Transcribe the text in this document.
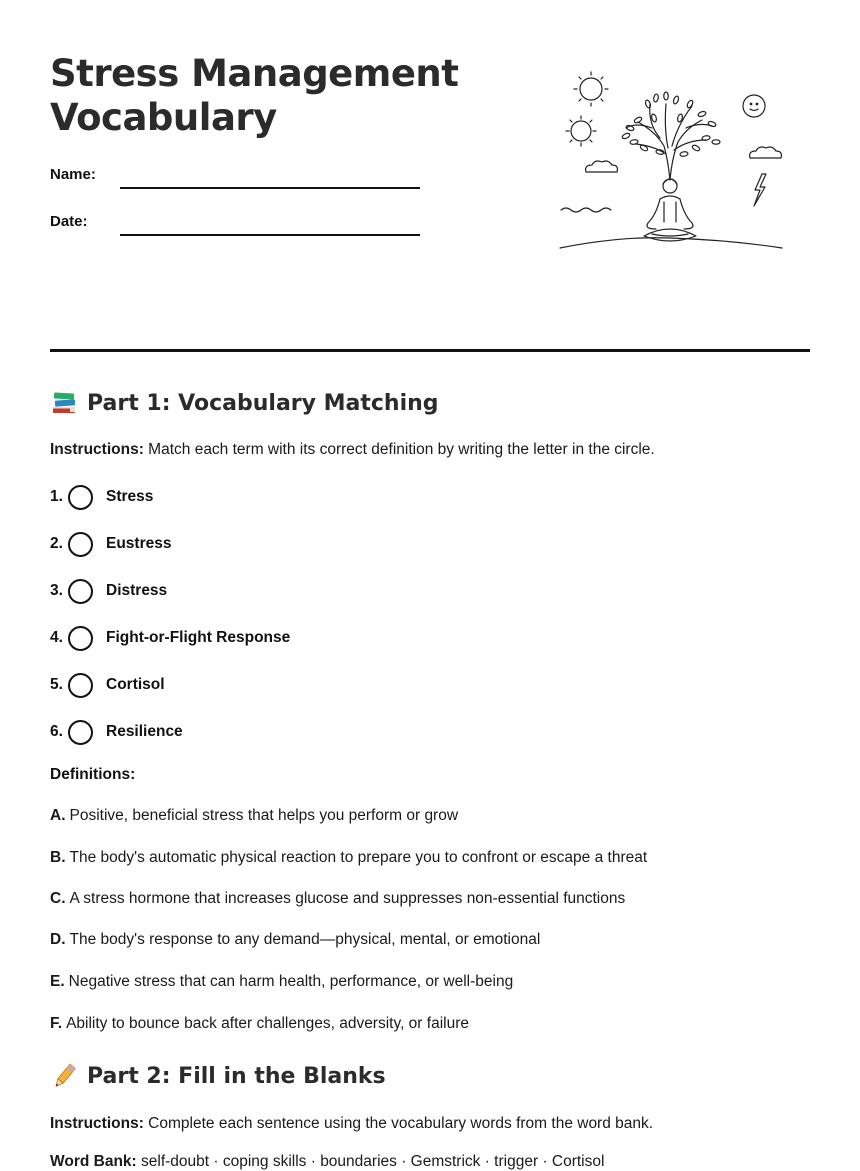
Stress Management
Vocabulary
Name:
Date:
Part 1: Vocabulary Matching
Instructions: Match each term with its correct definition by writing the letter in the circle.
1.	Stress
2.	Eustress
3.	Distress
4.	Fight-or-Flight Response
5.	Cortisol
6.	Resilience
Definitions:
A. Positive, beneficial stress that helps you perform or grow
B. The body's automatic physical reaction to prepare you to confront or escape a threat
C. A stress hormone that increases glucose and suppresses non-essential functions
D. The body's response to any demand—physical, mental, or emotional
E. Negative stress that can harm health, performance, or well-being
F. Ability to bounce back after challenges, adversity, or failure
Part 2: Fill in the Blanks
Instructions: Complete each sentence using the vocabulary words from the word bank.
Word Bank: self-doubt · coping skills · boundaries · Gemstrick · trigger · Cortisol
